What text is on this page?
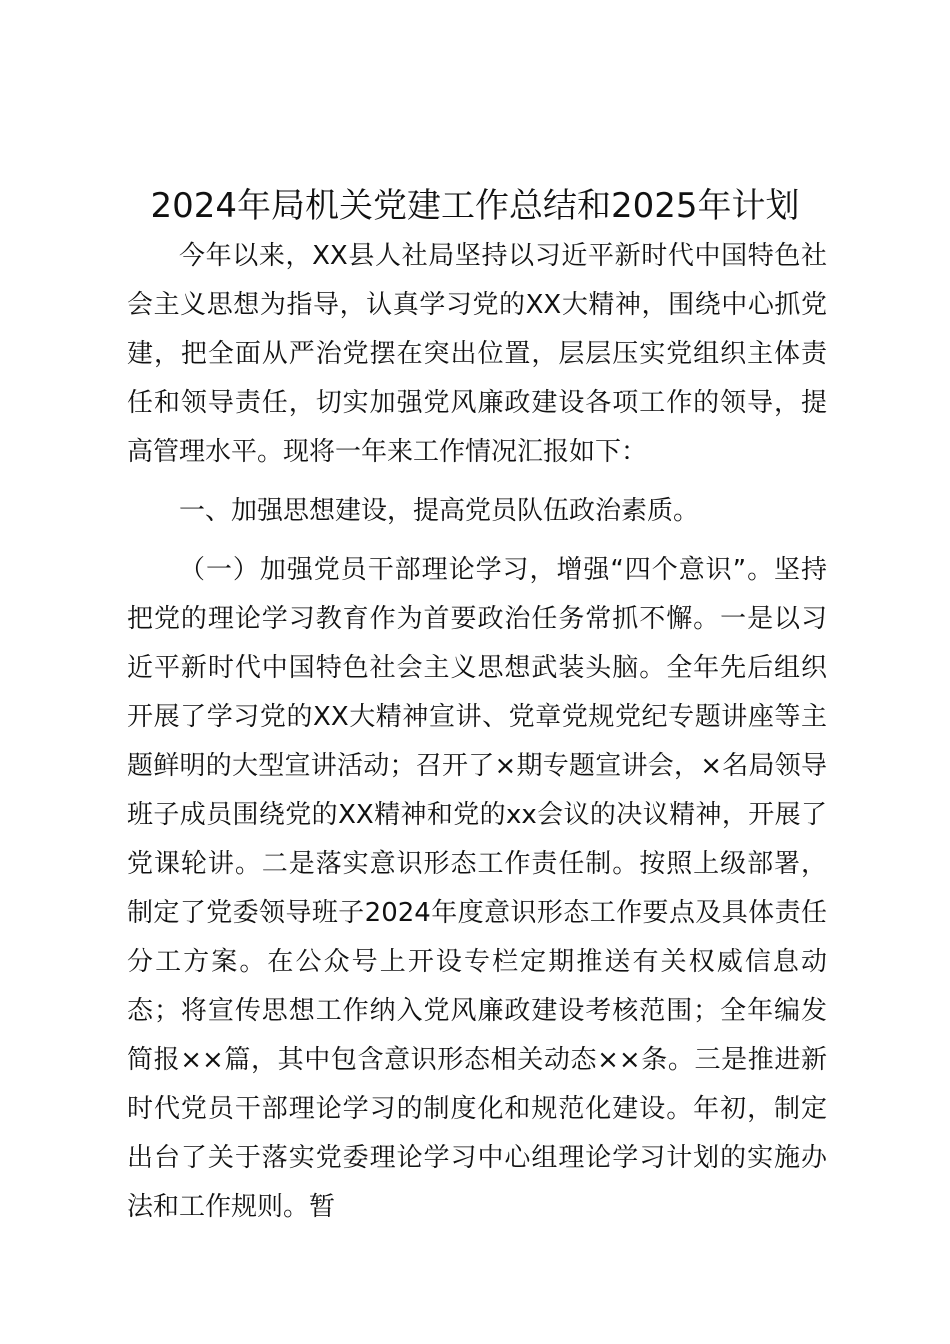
2024年局机关党建工作总结和2025年计划

今年以来，XX县人社局坚持以习近平新时代中国特色社会主义思想为指导，认真学习党的XX大精神，围绕中心抓党建，把全面从严治党摆在突出位置，层层压实党组织主体责任和领导责任，切实加强党风廉政建设各项工作的领导，提高管理水平。现将一年来工作情况汇报如下：

一、加强思想建设，提高党员队伍政治素质。

（一）加强党员干部理论学习，增强“四个意识”。坚持把党的理论学习教育作为首要政治任务常抓不懈。一是以习近平新时代中国特色社会主义思想武装头脑。全年先后组织开展了学习党的XX大精神宣讲、党章党规党纪专题讲座等主题鲜明的大型宣讲活动；召开了×期专题宣讲会，×名局领导班子成员围绕党的XX精神和党的xx会议的决议精神，开展了党课轮讲。二是落实意识形态工作责任制。按照上级部署，制定了党委领导班子2024年度意识形态工作要点及具体责任分工方案。在公众号上开设专栏定期推送有关权威信息动态；将宣传思想工作纳入党风廉政建设考核范围；全年编发简报××篇，其中包含意识形态相关动态××条。三是推进新时代党员干部理论学习的制度化和规范化建设。年初，制定出台了关于落实党委理论学习中心组理论学习计划的实施办法和工作规则。暂
